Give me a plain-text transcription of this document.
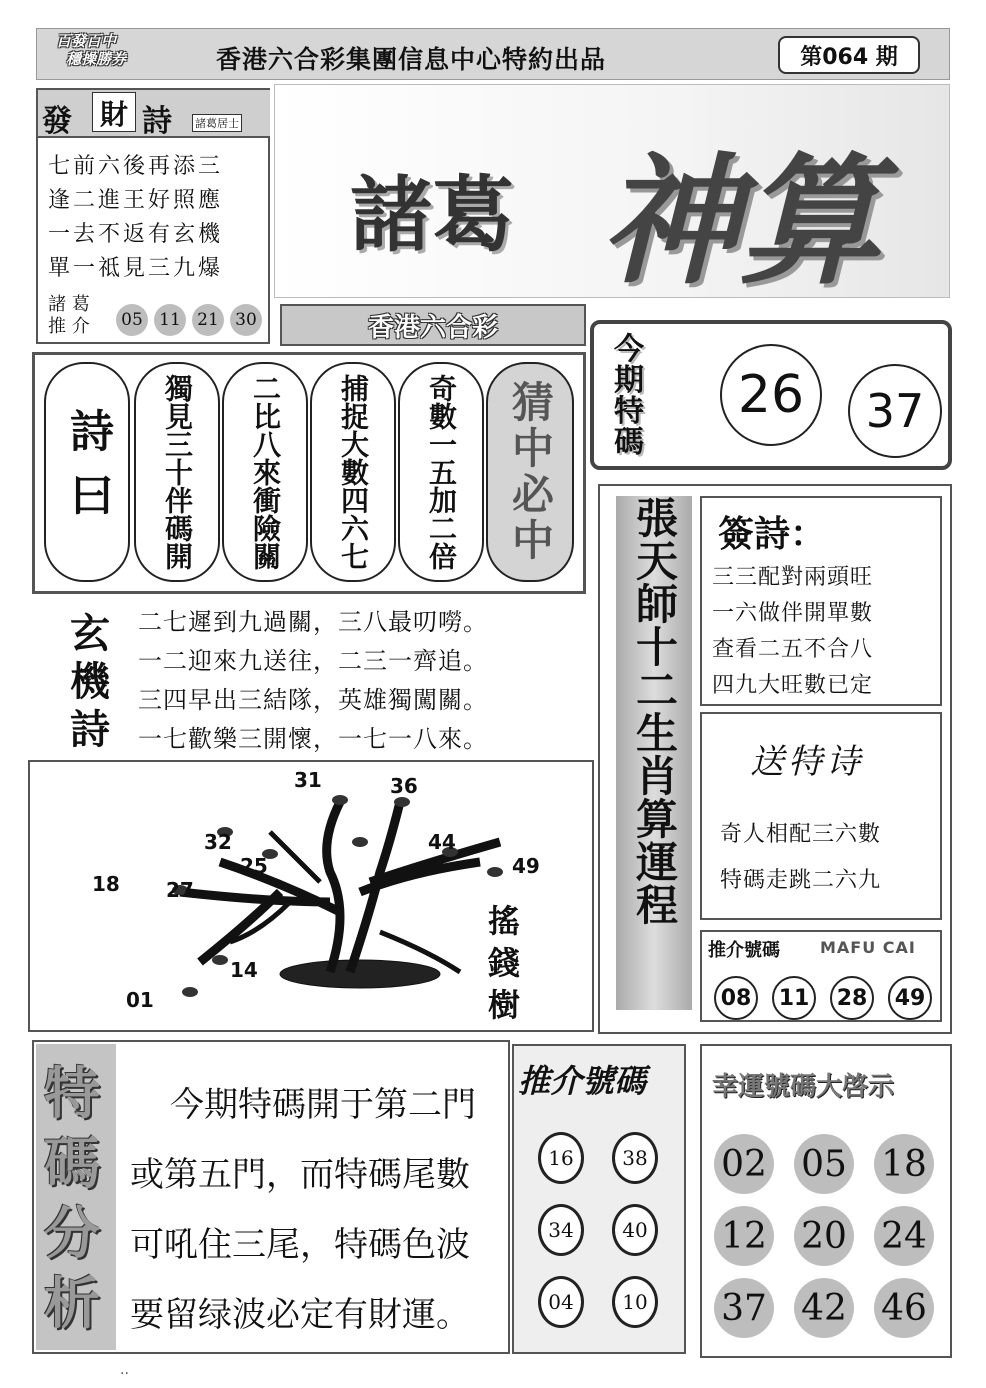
百發百中
穩操勝券	香港六合彩集團信息中心特約出品	第064 期
發 財 詩 諸葛居士
七前六後再添三
逢二進王好照應
一去不返有玄機
單一祗見三九爆
諸 葛
推 介	05 11 21 30
諸葛 神算
香港六合彩
今
期
特
碼
26	37
詩曰	獨見三十伴碼開 二比八來衝險關 捕捉大數四六七 奇數一五加二倍 猜中必中
玄
機
詩
二七遲到九過關，三八最叨嘮。
一二迎來九送往，二三一齊追。
三四早出三結隊，英雄獨闖關。
一七歡樂三開懷，一七一八來。
31	36
32
25
44
49
18 27
14
01
搖
錢
樹
張天師十二生肖算運程 簽詩：
三三配對兩頭旺
一六做伴開單數
查看二五不合八
四九大旺數已定
送特诗
奇人相配三六數
特碼走跳二六九
推介號碼	MAFU CAI
08	11	28	49
特
碼
分
析
今期特碼開于第二門
或第五門，而特碼尾數
可吼住三尾，特碼色波
要留绿波必定有財運。
推介號碼
16	38
34	40
04	10
幸運號碼大啓示
02 05 18
12 20 24
37 42 46
··
